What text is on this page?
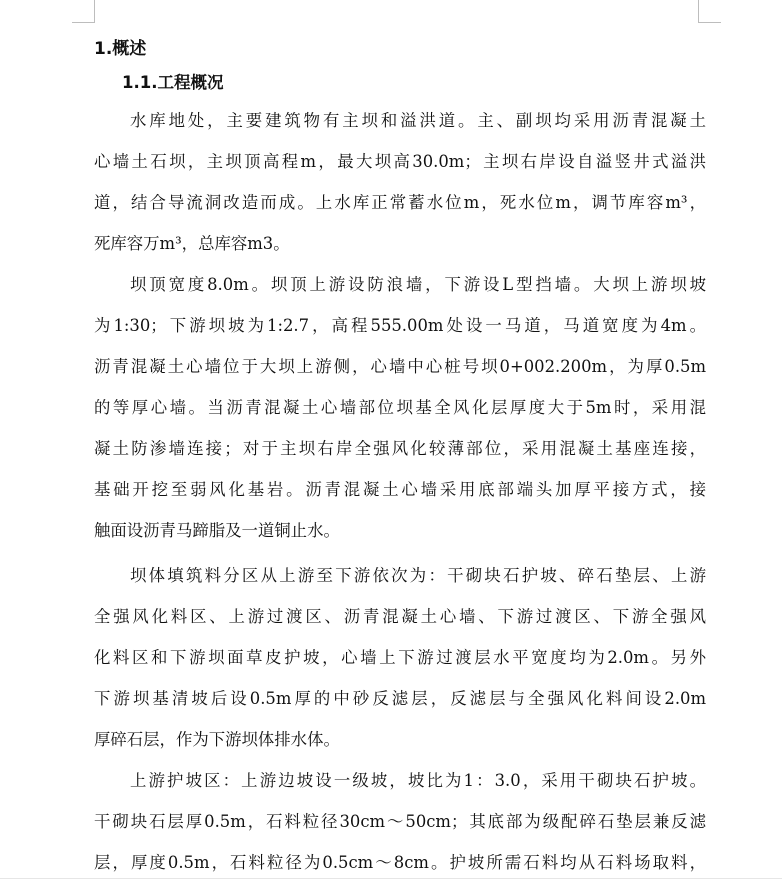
1.概述
1.1.工程概况
水库地处，主要建筑物有主坝和溢洪道。主、副坝均采用沥青混凝土
心墙土石坝，主坝顶高程m，最大坝高30.0m；主坝右岸设自溢竖井式溢洪
道，结合导流洞改造而成。上水库正常蓄水位m，死水位m，调节库容m³，
死库容万m³，总库容m3。
坝顶宽度8.0m。坝顶上游设防浪墙，下游设L型挡墙。大坝上游坝坡
为1:30；下游坝坡为1:2.7，高程555.00m处设一马道，马道宽度为4m。
沥青混凝土心墙位于大坝上游侧，心墙中心桩号坝0+002.200m，为厚0.5m
的等厚心墙。当沥青混凝土心墙部位坝基全风化层厚度大于5m时，采用混
凝土防渗墙连接；对于主坝右岸全强风化较薄部位，采用混凝土基座连接，
基础开挖至弱风化基岩。沥青混凝土心墙采用底部端头加厚平接方式，接
触面设沥青马蹄脂及一道铜止水。
坝体填筑料分区从上游至下游依次为：干砌块石护坡、碎石垫层、上游
全强风化料区、上游过渡区、沥青混凝土心墙、下游过渡区、下游全强风
化料区和下游坝面草皮护坡，心墙上下游过渡层水平宽度均为2.0m。另外
下游坝基清坡后设0.5m厚的中砂反滤层，反滤层与全强风化料间设2.0m
厚碎石层，作为下游坝体排水体。
上游护坡区：上游边坡设一级坡，坡比为1：3.0，采用干砌块石护坡。
干砌块石层厚0.5m，石料粒径30cm～50cm；其底部为级配碎石垫层兼反滤
层，厚度0.5m，石料粒径为0.5cm～8cm。护坡所需石料均从石料场取料，
